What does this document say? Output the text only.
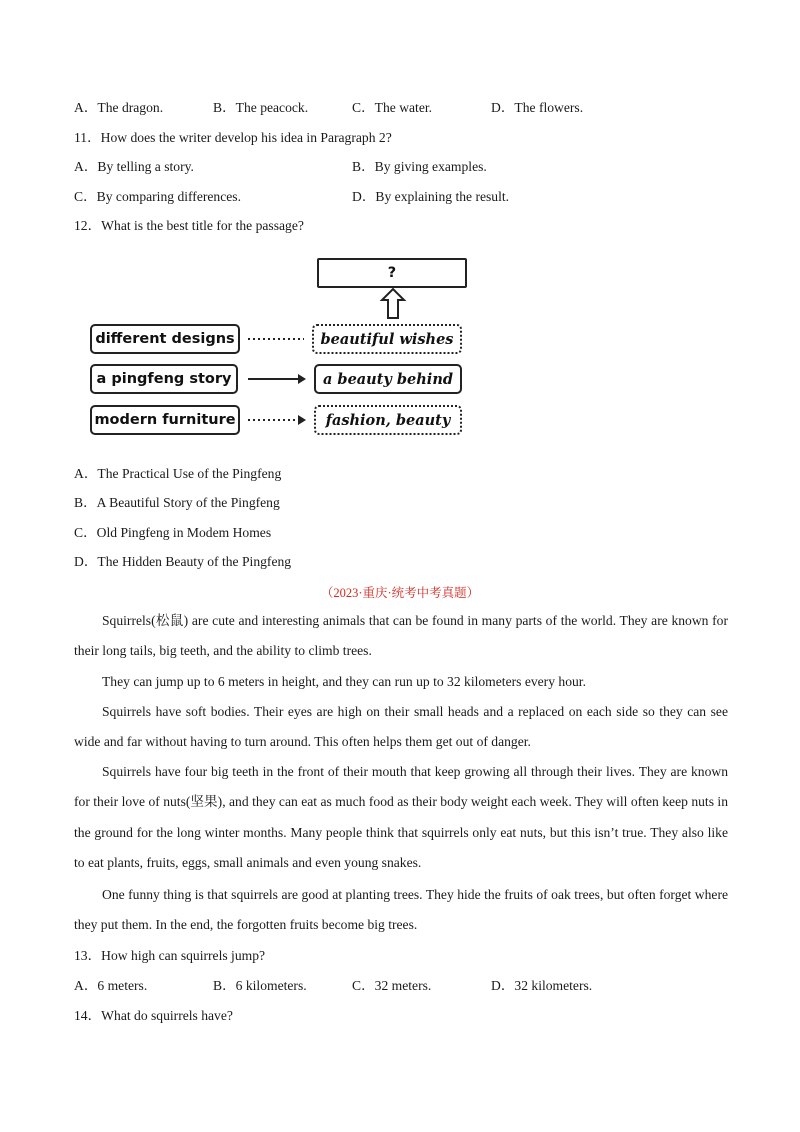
A．The dragon.	B．The peacock.	C．The water.	D．The flowers.
11．How does the writer develop his idea in Paragraph 2?
A．By telling a story.	B．By giving examples.
C．By comparing differences.	D．By explaining the result.
12．What is the best title for the passage?
?
different designs
a pingfeng story
modern furniture
beautiful wishes
a beauty behind
fashion, beauty
A．The Practical Use of the Pingfeng
B．A Beautiful Story of the Pingfeng
C．Old Pingfeng in Modem Homes
D．The Hidden Beauty of the Pingfeng
（2023·重庆·统考中考真题）
Squirrels(松鼠) are cute and interesting animals that can be found in many parts of the world. They are known for their long tails, big teeth, and the ability to climb trees.
They can jump up to 6 meters in height, and they can run up to 32 kilometers every hour.
Squirrels have soft bodies. Their eyes are high on their small heads and a replaced on each side so they can see wide and far without having to turn around. This often helps them get out of danger.
Squirrels have four big teeth in the front of their mouth that keep growing all through their lives. They are known for their love of nuts(坚果), and they can eat as much food as their body weight each week. They will often keep nuts in the ground for the long winter months. Many people think that squirrels only eat nuts, but this isn’t true. They also like to eat plants, fruits, eggs, small animals and even young snakes.
One funny thing is that squirrels are good at planting trees. They hide the fruits of oak trees, but often forget where they put them. In the end, the forgotten fruits become big trees.
13．How high can squirrels jump?
A．6 meters.	B．6 kilometers.	C．32 meters.	D．32 kilometers.
14．What do squirrels have?
